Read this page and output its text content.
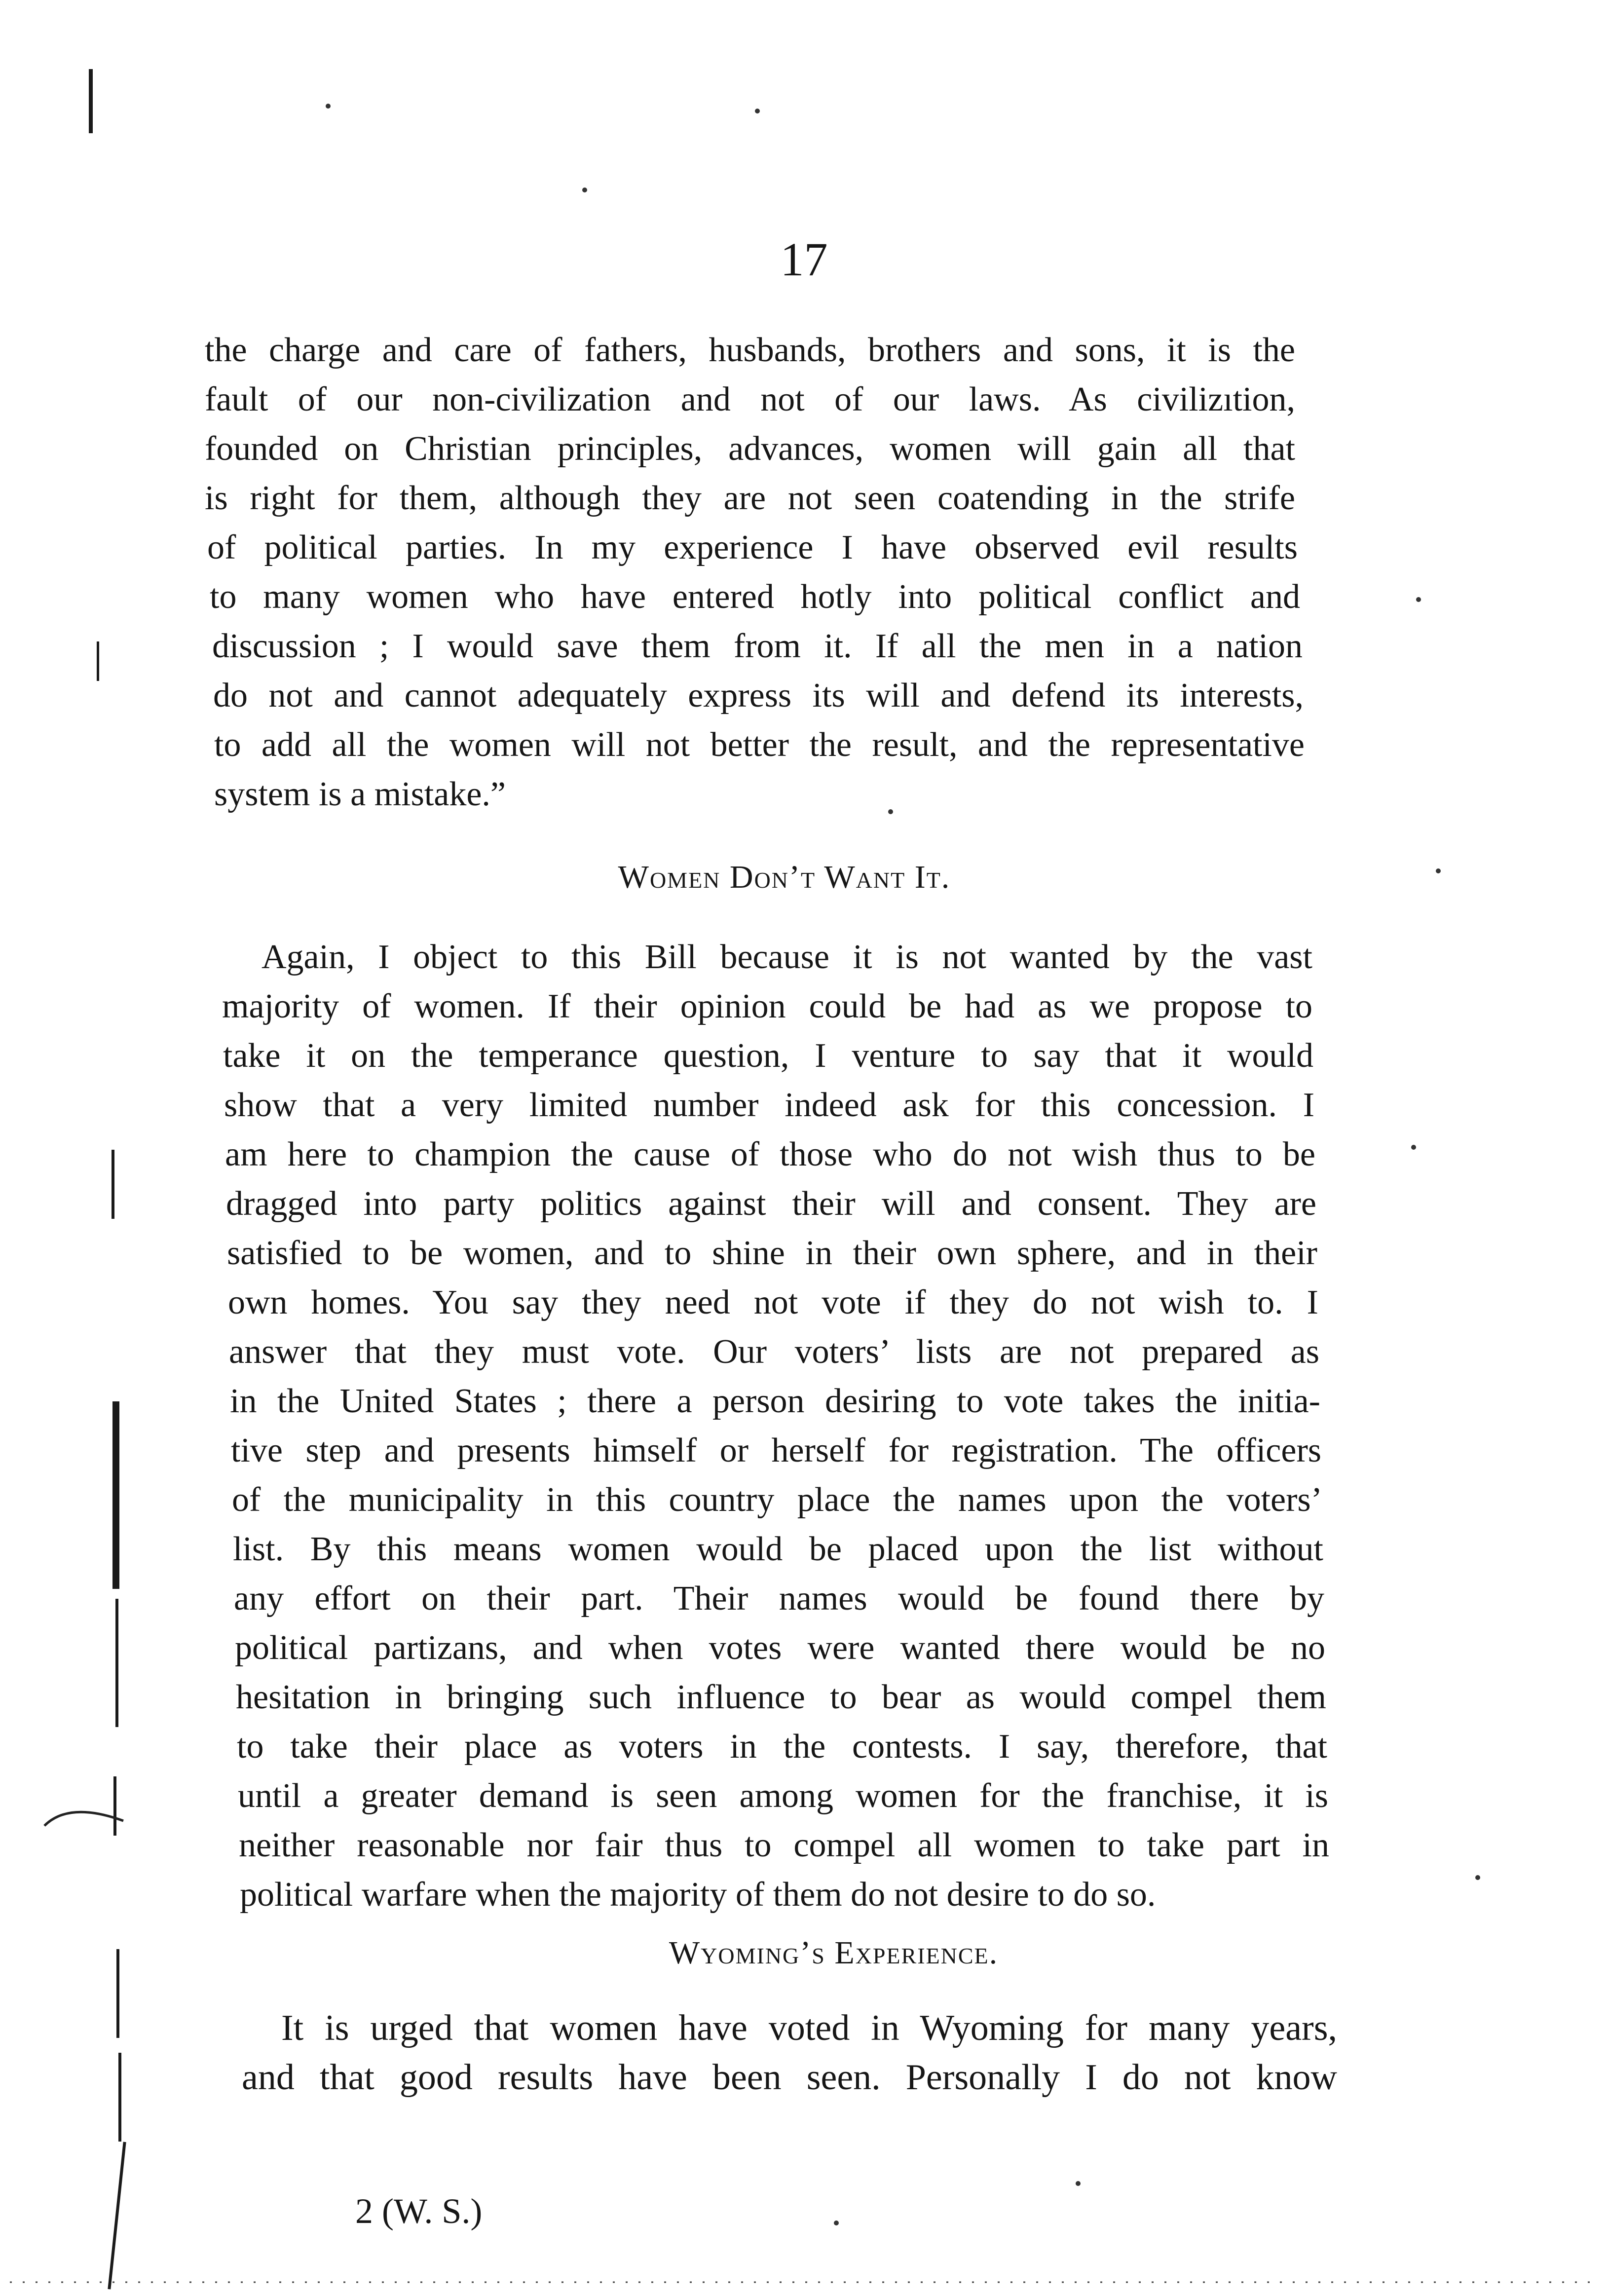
17
the charge and care of fathers, husbands, brothers and sons, it is the
fault of our non-civilization and not of our laws. As civilizıtion,
founded on Christian principles, advances, women will gain all that
is right for them, although they are not seen coatending in the strife
of political parties. In my experience I have observed evil results
to many women who have entered hotly into political conflict and
discussion ; I would save them from it. If all the men in a nation
do not and cannot adequately express its will and defend its interests,
to add all the women will not better the result, and the representative
system is a mistake.”
Women Don’t Want It.
Again, I object to this Bill because it is not wanted by the vast
majority of women. If their opinion could be had as we propose to
take it on the temperance question, I venture to say that it would
show that a very limited number indeed ask for this concession. I
am here to champion the cause of those who do not wish thus to be
dragged into party politics against their will and consent. They are
satisfied to be women, and to shine in their own sphere, and in their
own homes. You say they need not vote if they do not wish to. I
answer that they must vote. Our voters’ lists are not prepared as
in the United States ; there a person desiring to vote takes the initia-
tive step and presents himself or herself for registration. The officers
of the municipality in this country place the names upon the voters’
list. By this means women would be placed upon the list without
any effort on their part. Their names would be found there by
political partizans, and when votes were wanted there would be no
hesitation in bringing such influence to bear as would compel them
to take their place as voters in the contests. I say, therefore, that
until a greater demand is seen among women for the franchise, it is
neither reasonable nor fair thus to compel all women to take part in
political warfare when the majority of them do not desire to do so.
Wyoming’s Experience.
It is urged that women have voted in Wyoming for many years,
and that good results have been seen. Personally I do not know
2 (W. S.)
